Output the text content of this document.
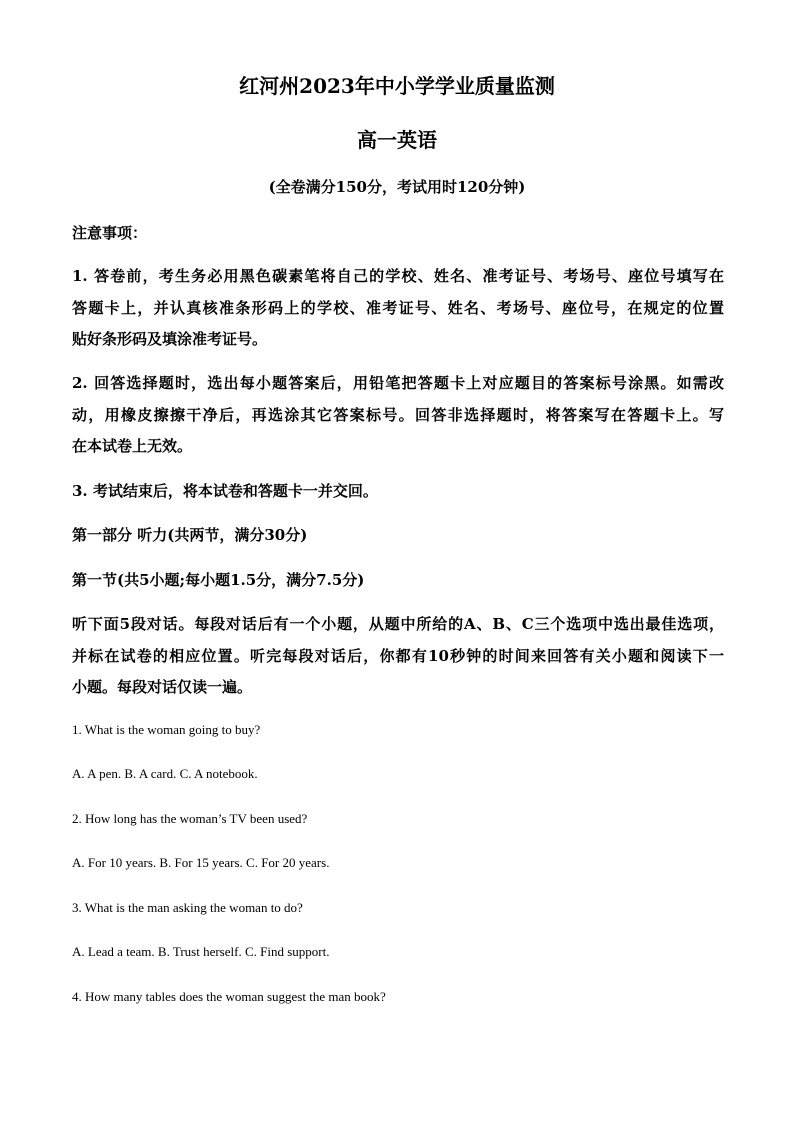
红河州2023年中小学学业质量监测
高一英语
(全卷满分150分，考试用时120分钟)
注意事项：
1. 答卷前，考生务必用黑色碳素笔将自己的学校、姓名、准考证号、考场号、座位号填写在
答题卡上，并认真核准条形码上的学校、准考证号、姓名、考场号、座位号，在规定的位置
贴好条形码及填涂准考证号。
2. 回答选择题时，选出每小题答案后，用铅笔把答题卡上对应题目的答案标号涂黑。如需改
动，用橡皮擦擦干净后，再选涂其它答案标号。回答非选择题时，将答案写在答题卡上。写
在本试卷上无效。
3. 考试结束后，将本试卷和答题卡一并交回。
第一部分 听力(共两节，满分30分)
第一节(共5小题;每小题1.5分，满分7.5分)
听下面5段对话。每段对话后有一个小题，从题中所给的A、B、C三个选项中选出最佳选项，
并标在试卷的相应位置。听完每段对话后，你都有10秒钟的时间来回答有关小题和阅读下一
小题。每段对话仅读一遍。
1. What is the woman going to buy?
A. A pen. B. A card. C. A notebook.
2. How long has the woman’s TV been used?
A. For 10 years. B. For 15 years. C. For 20 years.
3. What is the man asking the woman to do?
A. Lead a team. B. Trust herself. C. Find support.
4. How many tables does the woman suggest the man book?
